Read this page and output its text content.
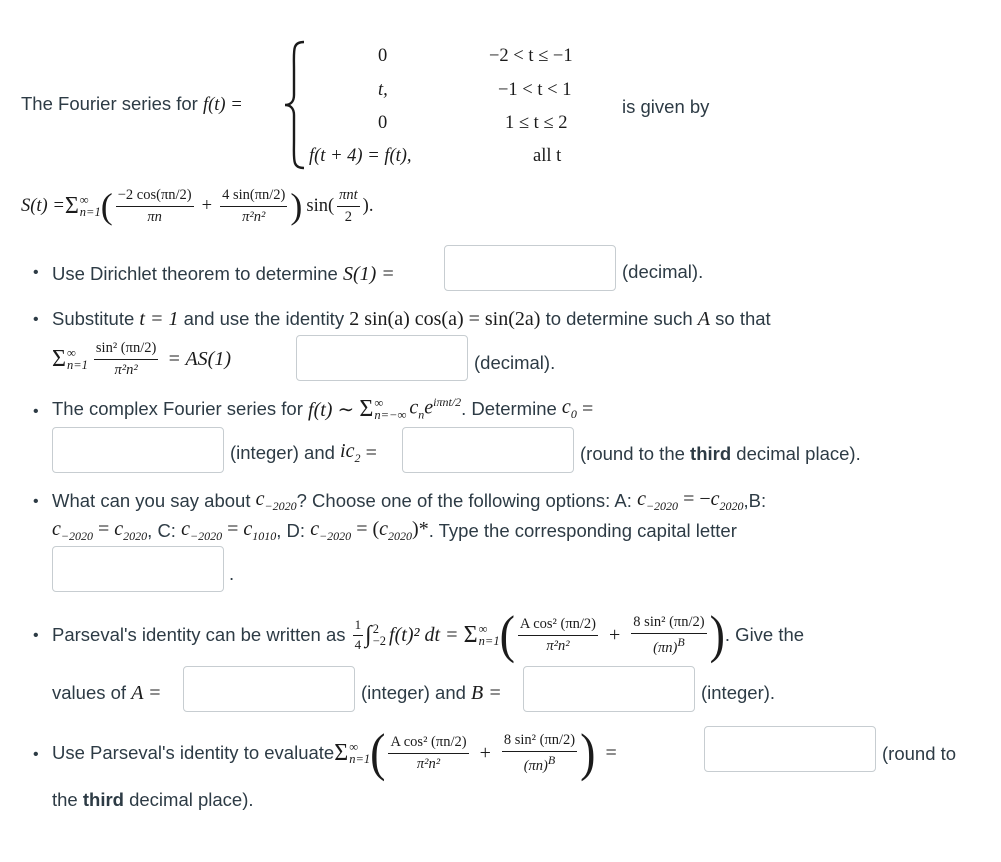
The Fourier series for f(t) =
0	−2 < t ≤ −1
t,	−1 < t < 1
0	1 ≤ t ≤ 2
f(t + 4) = f(t),	all t
is given by
S(t) = Σ ∞
n=1 ( $\frac{-2 \cos(\pi n/2)}{\pi n} + \frac{4 \sin(\pi n/2)}{\text{π²n²}}$ ) $\sin( \frac{\text{πnt}}{2}$ ).
• Use Dirichlet theorem to determine
S(1) =	(decimal).
• Substitute
t = 1
and use the identity
2 sin(a) cos(a) = sin(2a)
to determine such
A
so that
Σ ∞
$n=1 \frac{\text{sin² (πn/2)}}{\text{π²n²}} = AS(1)$	(decimal).
• The complex Fourier series for
f(t) ∼
Σ ∞
n=−∞ $c_ne^{i\pi nt/2}$ . Determine
$c_0$
=
(integer) and
$ic_2$
=	(round to the third decimal place).
• What can you say about
$c_{-2020}$ ? Choose one of the following options: A:
$c_{-2020} = -c_{2020}$ ,B:
$c_{-2020} = c_{2020}$ , C:
$c_{-2020} = c_{1010}$ , D:
$c_{-2020} = (c_{2020})*$ . Type the corresponding capital letter
.
• Parseval's identity can be written as
$\frac{1}{4}$ ∫ 2
−2 f(t)² dt =
Σ ∞
n=1 ( $\frac{\text{A cos² (πn/2)}}{\text{π²n²}} + \frac{\text{8 sin² (πn/2)}}{(\pi n)^B}$ ) . Give the
values of
A =	(integer) and
B =	(integer).
• Use Parseval's identity to evaluate Σ ∞
n=1 ( $\frac{\text{A cos² (πn/2)}}{\text{π²n²}} + \frac{\text{8 sin² (πn/2)}}{(\pi n)^B}$ ) =	(round to
the third decimal place).
